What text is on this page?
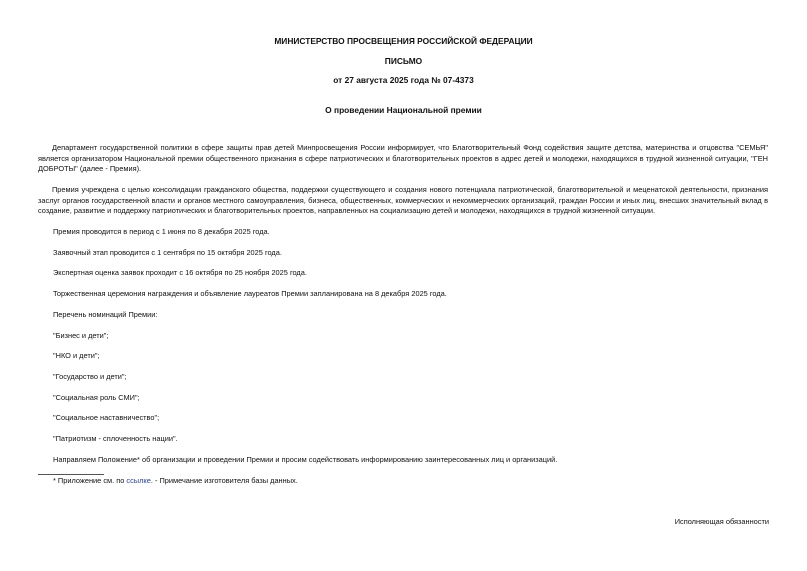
МИНИСТЕРСТВО ПРОСВЕЩЕНИЯ РОССИЙСКОЙ ФЕДЕРАЦИИ
ПИСЬМО
от 27 августа 2025 года № 07-4373
О проведении Национальной премии
Департамент государственной политики в сфере защиты прав детей Минпросвещения России информирует, что Благотворительный Фонд содействия защите детства, материнства и отцовства "СЕМЬЯ" является организатором Национальной премии общественного признания в сфере патриотических и благотворительных проектов в адрес детей и молодежи, находящихся в трудной жизненной ситуации, "ГЕН ДОБРОТЫ" (далее - Премия).
Премия учреждена с целью консолидации гражданского общества, поддержки существующего и создания нового потенциала патриотической, благотворительной и меценатской деятельности, признания заслуг органов государственной власти и органов местного самоуправления, бизнеса, общественных, коммерческих и некоммерческих организаций, граждан России и иных лиц, внесших значительный вклад в создание, развитие и поддержку патриотических и благотворительных проектов, направленных на социализацию детей и молодежи, находящихся в трудной жизненной ситуации.
Премия проводится в период с 1 июня по 8 декабря 2025 года.
Заявочный этап проводится с 1 сентября по 15 октября 2025 года.
Экспертная оценка заявок проходит с 16 октября по 25 ноября 2025 года.
Торжественная церемония награждения и объявление лауреатов Премии запланирована на 8 декабря 2025 года.
Перечень номинаций Премии:
"Бизнес и дети";
"НКО и дети";
"Государство и дети";
"Социальная роль СМИ";
"Социальное наставничество";
"Патриотизм - сплоченность нации".
Направляем Положение* об организации и проведении Премии и просим содействовать информированию заинтересованных лиц и организаций.
* Приложение см. по ссылке. - Примечание изготовителя базы данных.
Исполняющая обязанности
